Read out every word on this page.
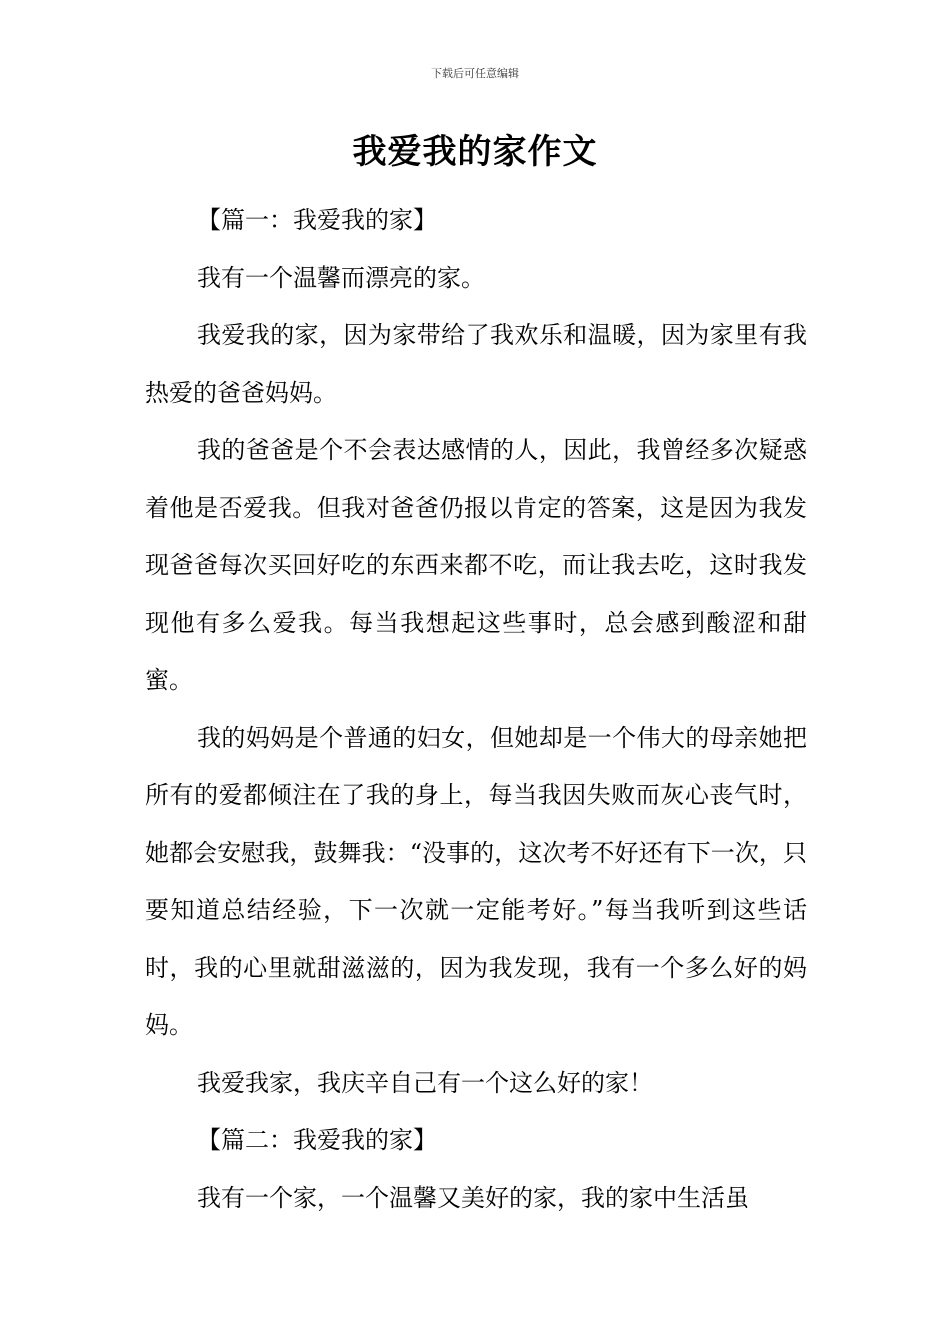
下载后可任意编辑
我爱我的家作文

【篇一：我爱我的家】

我有一个温馨而漂亮的家。

我爱我的家，因为家带给了我欢乐和温暖，因为家里有我热爱的爸爸妈妈。

我的爸爸是个不会表达感情的人，因此，我曾经多次疑惑着他是否爱我。但我对爸爸仍报以肯定的答案，这是因为我发现爸爸每次买回好吃的东西来都不吃，而让我去吃，这时我发现他有多么爱我。每当我想起这些事时，总会感到酸涩和甜蜜。

我的妈妈是个普通的妇女，但她却是一个伟大的母亲她把所有的爱都倾注在了我的身上，每当我因失败而灰心丧气时，她都会安慰我，鼓舞我：“没事的，这次考不好还有下一次，只要知道总结经验，下一次就一定能考好。”每当我听到这些话时，我的心里就甜滋滋的，因为我发现，我有一个多么好的妈妈。

我爱我家，我庆辛自己有一个这么好的家！

【篇二：我爱我的家】

我有一个家，一个温馨又美好的家，我的家中生活虽
